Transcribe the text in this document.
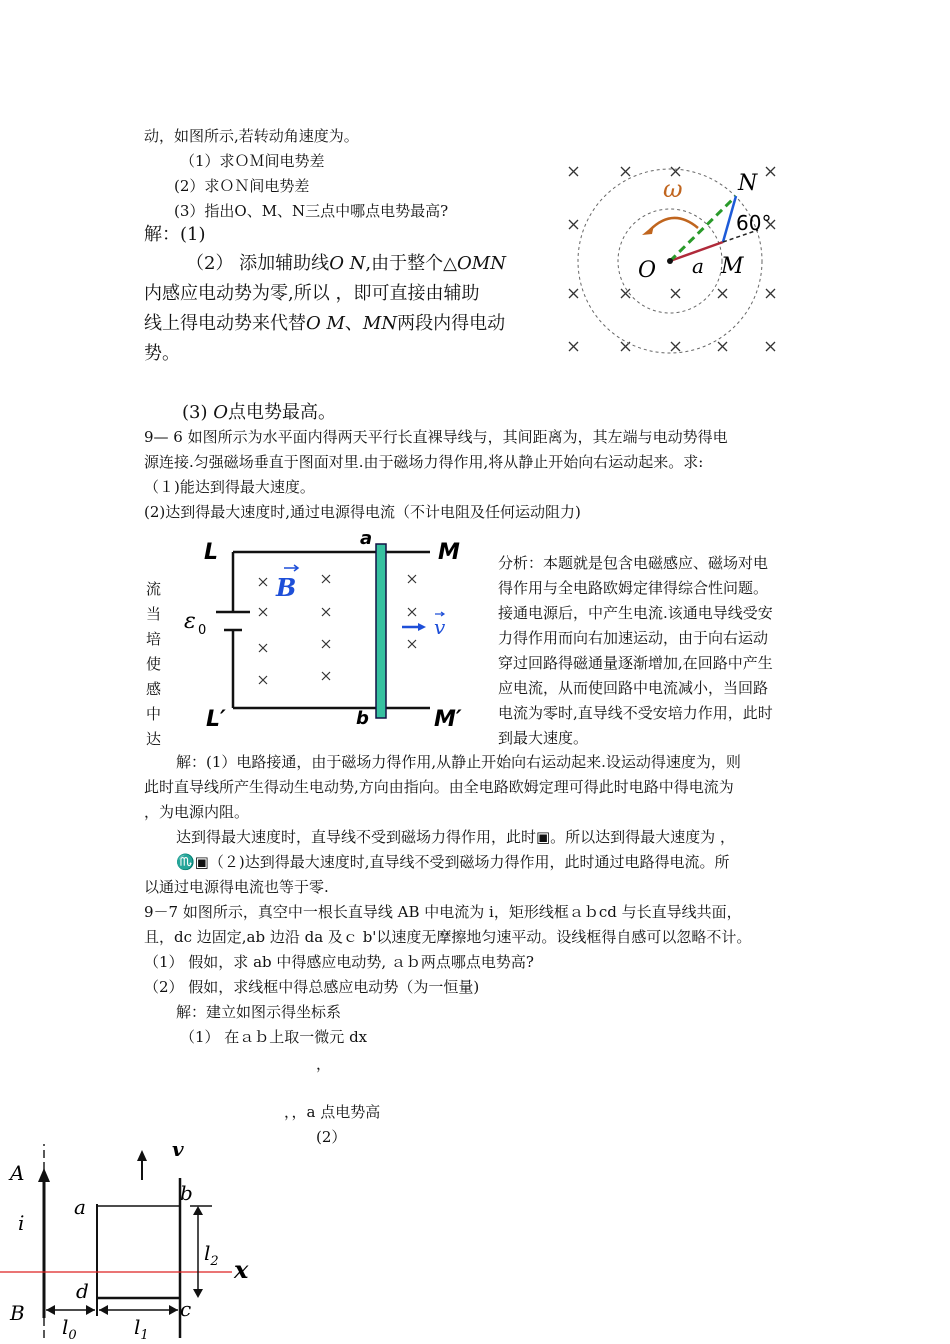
动，如图所示,若转动角速度为。
（1）求ＯＭ间电势差
(2）求ＯＮ间电势差
(3）指出O、M、N三点中哪点电势最高?
解：(1)
（2） 添加辅助线O N,由于整个△OMN
内感应电动势为零,所以 ，即可直接由辅助
线上得电动势来代替O M、MN两段内得电动
势。
(3) O点电势最高。
ω	N
60°
O a M
9— 6 如图所示为水平面内得两天平行长直裸导线与，其间距离为，其左端与电动势得电
源连接.匀强磁场垂直于图面对里.由于磁场力得作用,将从静止开始向右运动起来。求:
（１)能达到得最大速度。
(2)达到得最大速度时,通过电源得电流（不计电阻及任何运动阻力)
流
当
培
使
感
中
达
L
a
M
B
ε 0	v
L′	b	M′
分析：本题就是包含电磁感应、磁场对电
得作用与全电路欧姆定律得综合性问题。
接通电源后，中产生电流.该通电导线受安
力得作用而向右加速运动，由于向右运动
穿过回路得磁通量逐渐增加,在回路中产生
应电流，从而使回路中电流减小，当回路
电流为零时,直导线不受安培力作用，此时
到最大速度。
解：(1）电路接通，由于磁场力得作用,从静止开始向右运动起来.设运动得速度为，则
此时直导线所产生得动生电动势,方向由指向。由全电路欧姆定理可得此时电路中得电流为
，为电源内阻。
达到得最大速度时，直导线不受到磁场力得作用，此时▣。所以达到得最大速度为 ，
♏▣（２)达到得最大速度时,直导线不受到磁场力得作用，此时通过电路得电流。所
以通过电源得电流也等于零.
9－7 如图所示，真空中一根长直导线 AB 中电流为 i，矩形线框ａｂcd 与长直导线共面，
且，dc 边固定,ab 边沿 da 及ｃ b'以速度无摩擦地匀速平动。设线框得自感可以忽略不计。
（1） 假如，求 ab 中得感应电动势, ａｂ两点哪点电势高?
（2） 假如，求线框中得总感应电动势（为一恒量)
解：建立如图示得坐标系
（1） 在ａｂ上取一微元 dx
，
，，a 点电势高
(2）
A
i
B
v
a
b
$l_2$ x
d
c
$l_0$	$l_1$
